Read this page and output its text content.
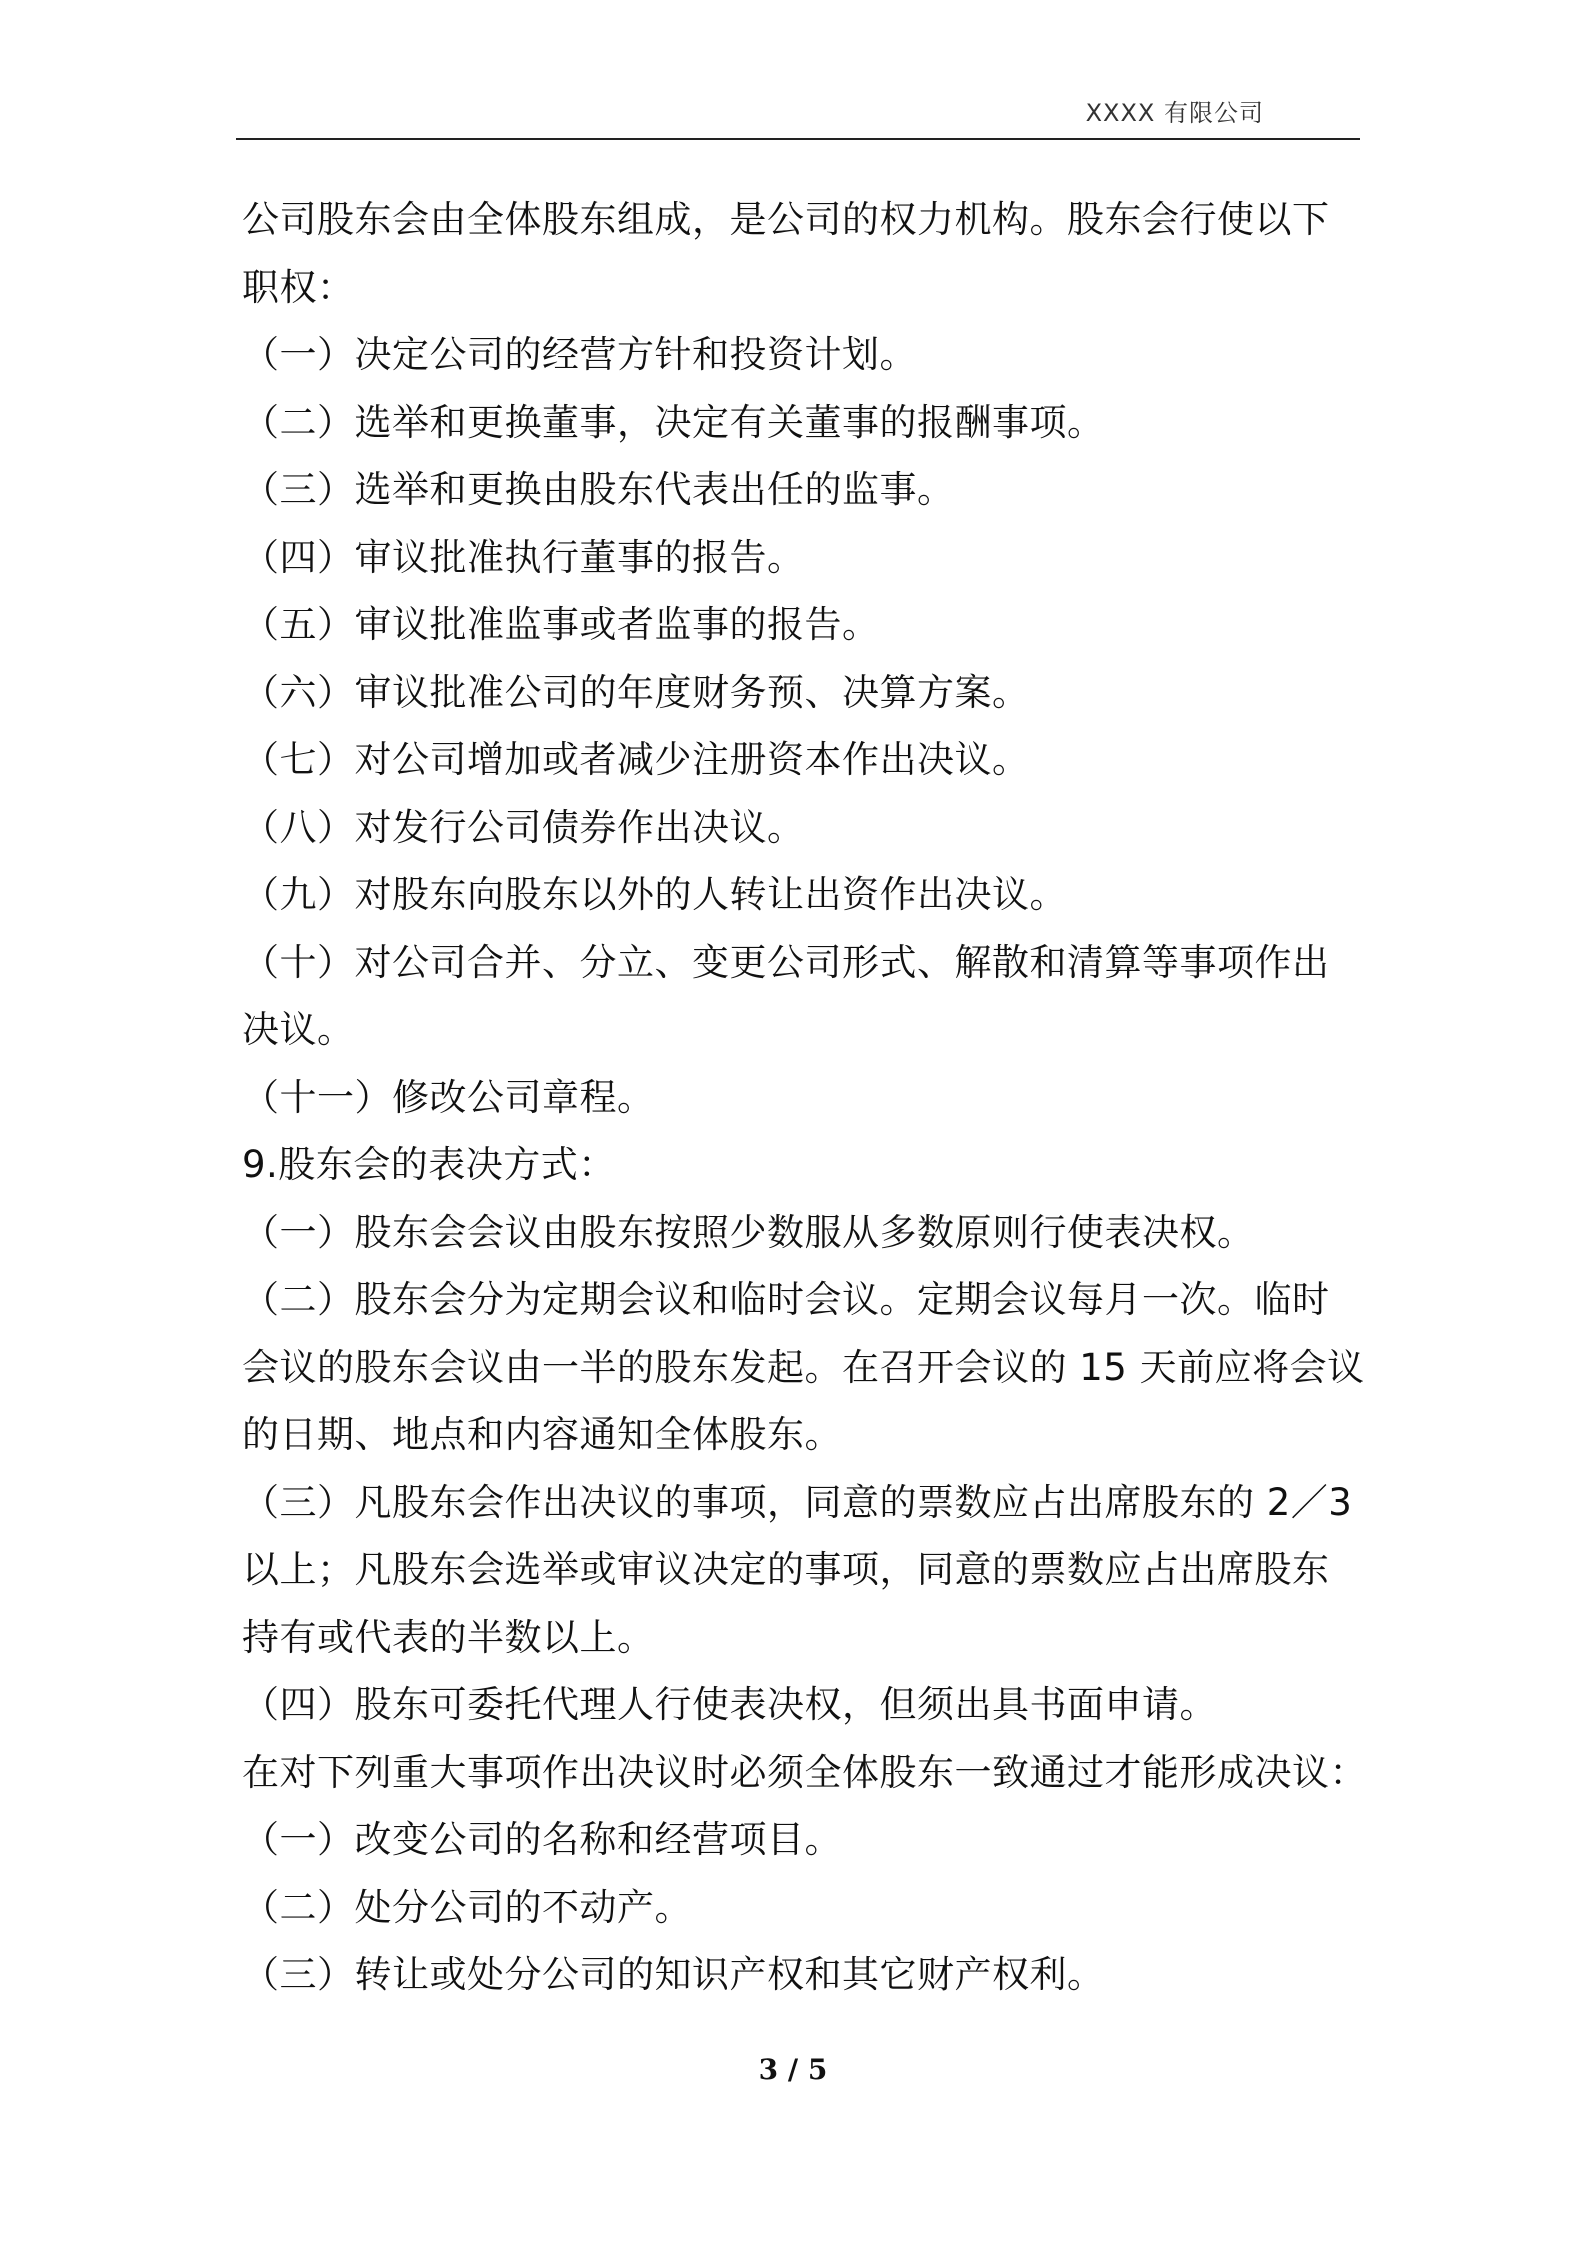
XXXX 有限公司
公司股东会由全体股东组成，是公司的权力机构。股东会行使以下
职权：
（一）决定公司的经营方针和投资计划。
（二）选举和更换董事，决定有关董事的报酬事项。
（三）选举和更换由股东代表出任的监事。
（四）审议批准执行董事的报告。
（五）审议批准监事或者监事的报告。
（六）审议批准公司的年度财务预、决算方案。
（七）对公司增加或者减少注册资本作出决议。
（八）对发行公司债券作出决议。
（九）对股东向股东以外的人转让出资作出决议。
（十）对公司合并、分立、变更公司形式、解散和清算等事项作出
决议。
（十一）修改公司章程。
9.股东会的表决方式：
（一）股东会会议由股东按照少数服从多数原则行使表决权。
（二）股东会分为定期会议和临时会议。定期会议每月一次。临时
会议的股东会议由一半的股东发起。在召开会议的 15 天前应将会议
的日期、地点和内容通知全体股东。
（三）凡股东会作出决议的事项，同意的票数应占出席股东的 2／3
以上；凡股东会选举或审议决定的事项，同意的票数应占出席股东
持有或代表的半数以上。
（四）股东可委托代理人行使表决权，但须出具书面申请。
在对下列重大事项作出决议时必须全体股东一致通过才能形成决议：
（一）改变公司的名称和经营项目。
（二）处分公司的不动产。
（三）转让或处分公司的知识产权和其它财产权利。
3 / 5
